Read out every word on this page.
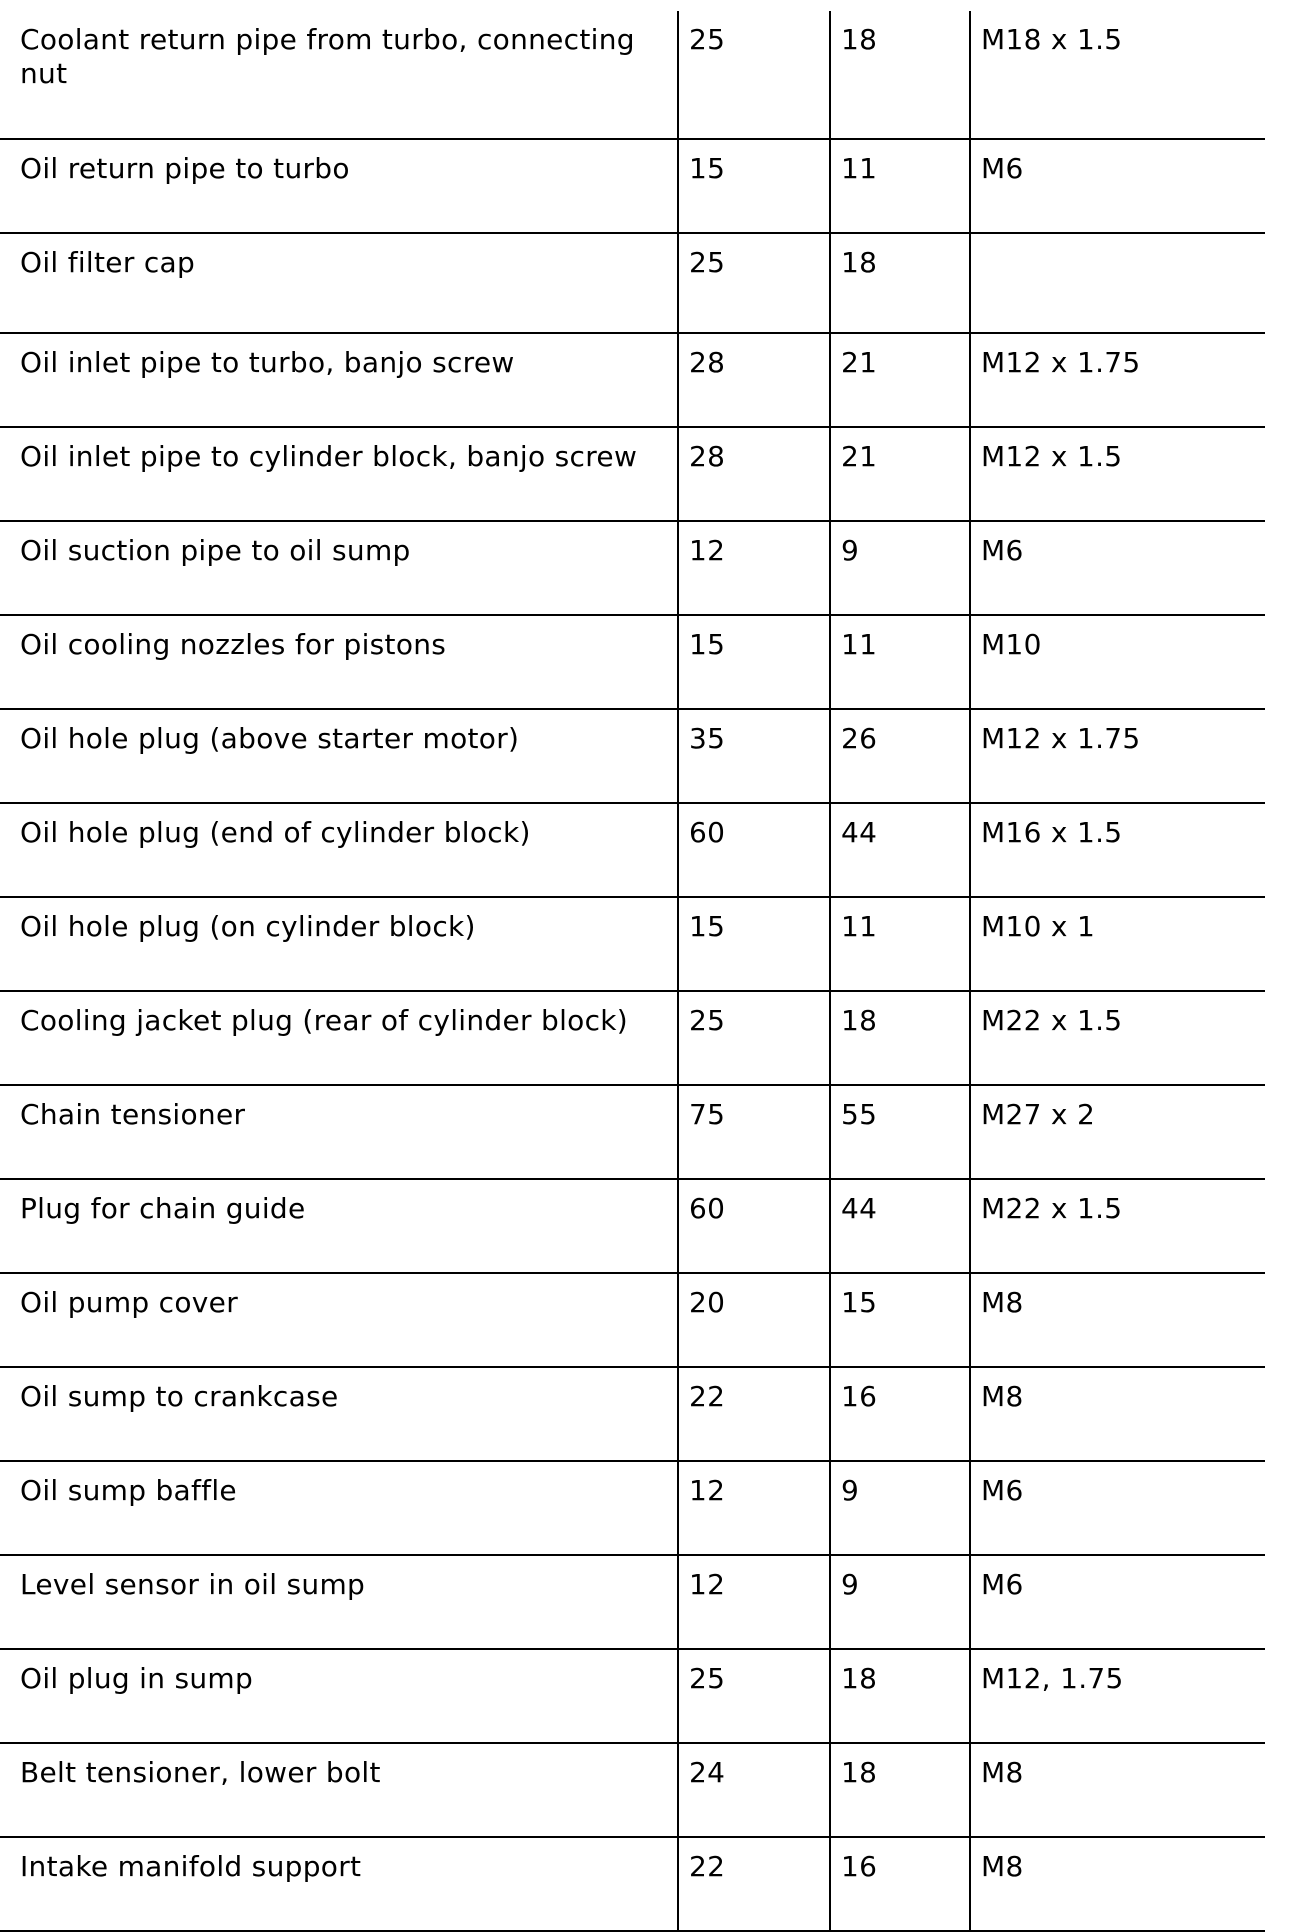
Coolant return pipe from turbo, connecting nut	25	18	M18 x 1.5
Oil return pipe to turbo	15	11	M6
Oil filter cap	25	18	
Oil inlet pipe to turbo, banjo screw	28	21	M12 x 1.75
Oil inlet pipe to cylinder block, banjo screw	28	21	M12 x 1.5
Oil suction pipe to oil sump	12	9	M6
Oil cooling nozzles for pistons	15	11	M10
Oil hole plug (above starter motor)	35	26	M12 x 1.75
Oil hole plug (end of cylinder block)	60	44	M16 x 1.5
Oil hole plug (on cylinder block)	15	11	M10 x 1
Cooling jacket plug (rear of cylinder block)	25	18	M22 x 1.5
Chain tensioner	75	55	M27 x 2
Plug for chain guide	60	44	M22 x 1.5
Oil pump cover	20	15	M8
Oil sump to crankcase	22	16	M8
Oil sump baffle	12	9	M6
Level sensor in oil sump	12	9	M6
Oil plug in sump	25	18	M12, 1.75
Belt tensioner, lower bolt	24	18	M8
Intake manifold support	22	16	M8
